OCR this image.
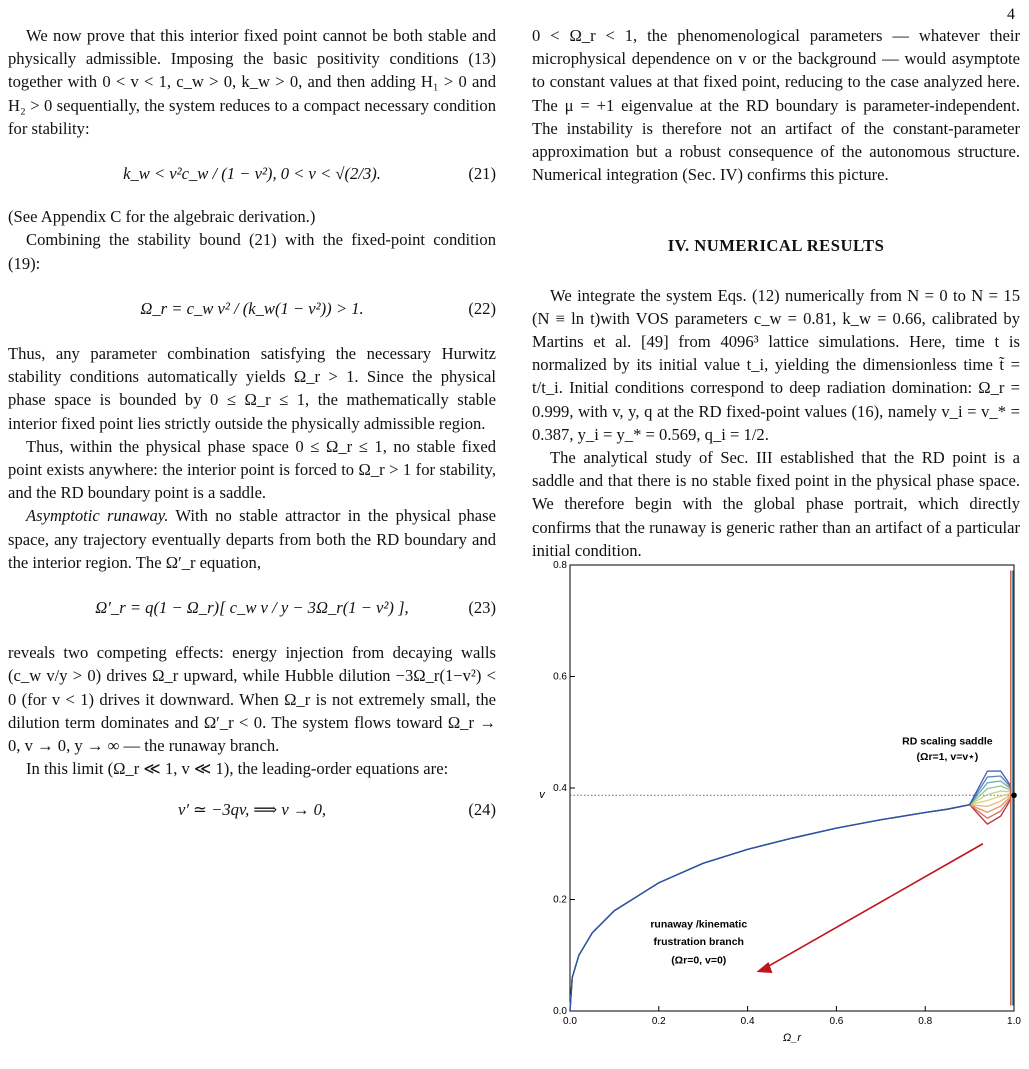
4

We now prove that this interior fixed point cannot be both stable and physically admissible. Imposing the basic positivity conditions (13) together with 0 < v < 1, c_w > 0, k_w > 0, and then adding H₁ > 0 and H₂ > 0 sequentially, the system reduces to a compact necessary condition for stability:

k_w < v²c_w / (1 − v²), 0 < v < √(2/3).	(21)

(See Appendix C for the algebraic derivation.)

Combining the stability bound (21) with the fixed-point condition (19):

Ω_r = c_w v² / (k_w(1 − v²)) > 1.	(22)

Thus, any parameter combination satisfying the necessary Hurwitz stability conditions automatically yields Ω_r > 1. Since the physical phase space is bounded by 0 ≤ Ω_r ≤ 1, the mathematically stable interior fixed point lies strictly outside the physically admissible region.

Thus, within the physical phase space 0 ≤ Ω_r ≤ 1, no stable fixed point exists anywhere: the interior point is forced to Ω_r > 1 for stability, and the RD boundary point is a saddle.

Asymptotic runaway. With no stable attractor in the physical phase space, any trajectory eventually departs from both the RD boundary and the interior region. The Ω′_r equation,

Ω′_r = q(1 − Ω_r)[ c_w v / y − 3Ω_r(1 − v²) ],	(23)

reveals two competing effects: energy injection from decaying walls (c_w v/y > 0) drives Ω_r upward, while Hubble dilution −3Ω_r(1−v²) < 0 (for v < 1) drives it downward. When Ω_r is not extremely small, the dilution term dominates and Ω′_r < 0. The system flows toward Ω_r → 0, v → 0, y → ∞ — the runaway branch.

In this limit (Ω_r ≪ 1, v ≪ 1), the leading-order equations are:

v′ ≃ −3qv, ⟹ v → 0,	(24)

0 < Ω_r < 1, the phenomenological parameters — whatever their microphysical dependence on v or the background — would asymptote to constant values at that fixed point, reducing to the case analyzed here. The μ = +1 eigenvalue at the RD boundary is parameter-independent. The instability is therefore not an artifact of the constant-parameter approximation but a robust consequence of the autonomous structure. Numerical integration (Sec. IV) confirms this picture.

IV. NUMERICAL RESULTS

We integrate the system Eqs. (12) numerically from N = 0 to N = 15 (N ≡ ln t)with VOS parameters c_w = 0.81, k_w = 0.66, calibrated by Martins et al. [49] from 4096³ lattice simulations. Here, time t is normalized by its initial value t_i, yielding the dimensionless time t̃ = t/t_i. Initial conditions correspond to deep radiation domination: Ω_r = 0.999, with v, y, q at the RD fixed-point values (16), namely v_i = v_* = 0.387, y_i = y_* = 0.569, q_i = 1/2.

The analytical study of Sec. III established that the RD point is a saddle and that there is no stable fixed point in the physical phase space. We therefore begin with the global phase portrait, which directly confirms that the runaway is generic rather than an artifact of a particular initial condition.

0.0	0.2	0.4	0.6	0.8	1.0
0.0
0.2
0.4
0.6
0.8
Ω_r
v
RD scaling saddle
(Ωr=1, v=v⋆)
runaway /kinematic
frustration branch
(Ωr=0, v=0)
